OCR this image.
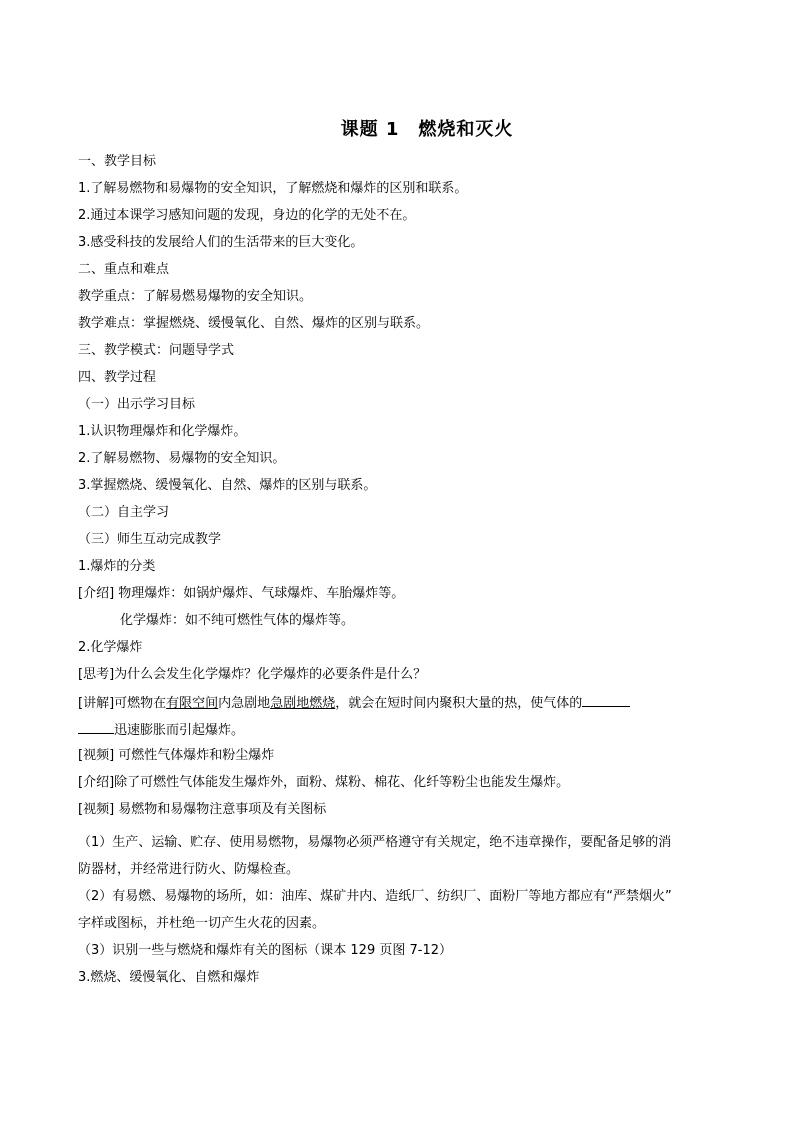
课题 1　燃烧和灭火
一、教学目标
1.了解易燃物和易爆物的安全知识，了解燃烧和爆炸的区别和联系。
2.通过本课学习感知问题的发现，身边的化学的无处不在。
3.感受科技的发展给人们的生活带来的巨大变化。
二、重点和难点
教学重点：了解易燃易爆物的安全知识。
教学难点：掌握燃烧、缓慢氧化、自然、爆炸的区别与联系。
三、教学模式：问题导学式
四、教学过程
（一）出示学习目标
1.认识物理爆炸和化学爆炸。
2.了解易燃物、易爆物的安全知识。
3.掌握燃烧、缓慢氧化、自然、爆炸的区别与联系。
（二）自主学习
（三）师生互动完成教学
1.爆炸的分类
[介绍] 物理爆炸：如锅炉爆炸、气球爆炸、车胎爆炸等。
化学爆炸：如不纯可燃性气体的爆炸等。
2.化学爆炸
[思考]为什么会发生化学爆炸？化学爆炸的必要条件是什么？
[讲解]可燃物在有限空间内急剧地急剧地燃烧，就会在短时间内聚积大量的热，使气体的
迅速膨胀而引起爆炸。
[视频] 可燃性气体爆炸和粉尘爆炸
[介绍]除了可燃性气体能发生爆炸外，面粉、煤粉、棉花、化纤等粉尘也能发生爆炸。
[视频] 易燃物和易爆物注意事项及有关图标
（1）生产、运输、贮存、使用易燃物，易爆物必须严格遵守有关规定，绝不违章操作，要配备足够的消
防器材，并经常进行防火、防爆检查。
（2）有易燃、易爆物的场所，如：油库、煤矿井内、造纸厂、纺织厂、面粉厂等地方都应有“严禁烟火”
字样或图标，并杜绝一切产生火花的因素。
（3）识别一些与燃烧和爆炸有关的图标（课本 129 页图 7-12）
3.燃烧、缓慢氧化、自燃和爆炸
